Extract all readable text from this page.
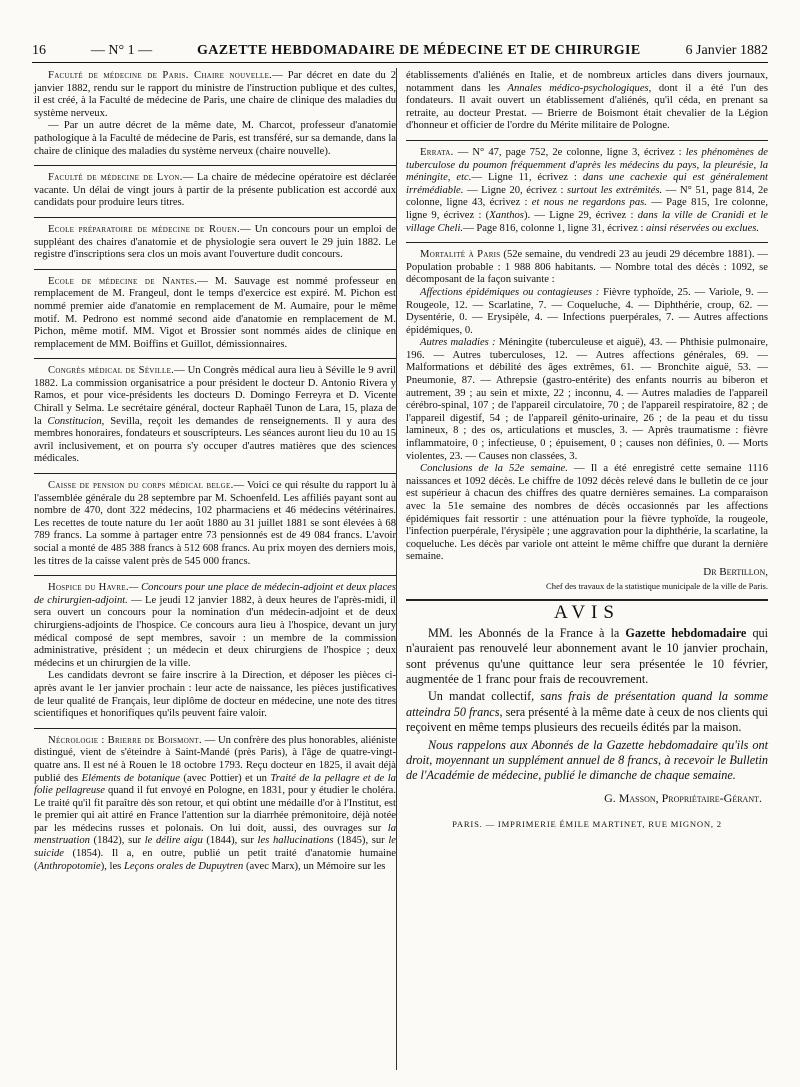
16	— N° 1 —	GAZETTE HEBDOMADAIRE DE MÉDECINE ET DE CHIRURGIE	6 Janvier 1882

Faculté de médecine de Paris. Chaire nouvelle.— Par décret en date du 2 janvier 1882, rendu sur le rapport du ministre de l'instruction publique et des cultes, il est créé, à la Faculté de médecine de Paris, une chaire de clinique des maladies du système nerveux.

— Par un autre décret de la même date, M. Charcot, professeur d'anatomie pathologique à la Faculté de médecine de Paris, est transféré, sur sa demande, dans la chaire de clinique des maladies du système nerveux (chaire nouvelle).

Faculté de médecine de Lyon.— La chaire de médecine opératoire est déclarée vacante. Un délai de vingt jours à partir de la présente publication est accordé aux candidats pour produire leurs titres.

Ecole préparatoire de médecine de Rouen.— Un concours pour un emploi de suppléant des chaires d'anatomie et de physiologie sera ouvert le 29 juin 1882. Le registre d'inscriptions sera clos un mois avant l'ouverture dudit concours.

Ecole de médecine de Nantes.— M. Sauvage est nommé professeur en remplacement de M. Frangeul, dont le temps d'exercice est expiré. M. Pichon est nommé premier aide d'anatomie en remplacement de M. Aumaire, pour le même motif. M. Pedrono est nommé second aide d'anatomie en remplacement de M. Pichon, même motif. MM. Vigot et Brossier sont nommés aides de clinique en remplacement de MM. Boiffins et Guillot, démissionnaires.

Congrès médical de Séville.— Un Congrès médical aura lieu à Séville le 9 avril 1882. La commission organisatrice a pour président le docteur D. Antonio Rivera y Ramos, et pour vice-présidents les docteurs D. Domingo Ferreyra et D. Vicente Chirall y Selma. Le secrétaire général, docteur Raphaël Tunon de Lara, 15, plaza de la Constitucion, Sevilla, reçoit les demandes de renseignements. Il y aura des membres honoraires, fondateurs et souscripteurs. Les séances auront lieu du 10 au 15 avril inclusivement, et on pourra s'y occuper d'autres matières que des sciences médicales.

Caisse de pension du corps médical belge.— Voici ce qui résulte du rapport lu à l'assemblée générale du 28 septembre par M. Schoenfeld. Les affiliés payant sont au nombre de 470, dont 322 médecins, 102 pharmaciens et 46 médecins vétérinaires. Les recettes de toute nature du 1er août 1880 au 31 juillet 1881 se sont élevées à 68 789 francs. La somme à partager entre 73 pensionnés est de 49 084 francs. L'avoir social a monté de 485 388 francs à 512 608 francs. Au prix moyen des derniers mois, les titres de la caisse valent près de 545 000 francs.

Hospice du Havre.— Concours pour une place de médecin-adjoint et deux places de chirurgien-adjoint. — Le jeudi 12 janvier 1882, à deux heures de l'après-midi, il sera ouvert un concours pour la nomination d'un médecin-adjoint et de deux chirurgiens-adjoints de l'hospice. Ce concours aura lieu à l'hospice, devant un jury médical composé de sept membres, savoir : un membre de la commission administrative, président ; un médecin et deux chirurgiens de l'hospice ; deux médecins et un chirurgien de la ville.

Les candidats devront se faire inscrire à la Direction, et déposer les pièces ci-après avant le 1er janvier prochain : leur acte de naissance, les pièces justificatives de leur qualité de Français, leur diplôme de docteur en médecine, une note des titres scientifiques et honorifiques qu'ils peuvent faire valoir.

Nécrologie : Brierre de Boismont. — Un confrère des plus honorables, aliéniste distingué, vient de s'éteindre à Saint-Mandé (près Paris), à l'âge de quatre-vingt-quatre ans. Il est né à Rouen le 18 octobre 1793. Reçu docteur en 1825, il avait déjà publié des Eléments de botanique (avec Pottier) et un Traité de la pellagre et de la folie pellagreuse quand il fut envoyé en Pologne, en 1831, pour y étudier le choléra. Le traité qu'il fit paraître dès son retour, et qui obtint une médaille d'or à l'Institut, est le premier qui ait attiré en France l'attention sur la diarrhée prémonitoire, déjà notée par les médecins russes et polonais. On lui doit, aussi, des ouvrages sur la menstruation (1842), sur le délire aigu (1844), sur les hallucinations (1845), sur le suicide (1854). Il a, en outre, publié un petit traité d'anatomie humaine (Anthropotomie), les Leçons orales de Dupuytren (avec Marx), un Mémoire sur les

établissements d'aliénés en Italie, et de nombreux articles dans divers journaux, notamment dans les Annales médico-psychologiques, dont il a été l'un des fondateurs. Il avait ouvert un établissement d'aliénés, qu'il céda, en prenant sa retraite, au docteur Prestat. — Brierre de Boismont était chevalier de la Légion d'honneur et officier de l'ordre du Mérite militaire de Pologne.

Errata. — N° 47, page 752, 2e colonne, ligne 3, écrivez : les phénomènes de tuberculose du poumon fréquemment d'après les médecins du pays, la pleurésie, la méningite, etc.— Ligne 11, écrivez : dans une cachexie qui est généralement irrémédiable. — Ligne 20, écrivez : surtout les extrémités. — N° 51, page 814, 2e colonne, ligne 43, écrivez : et nous ne regardons pas. — Page 815, 1re colonne, ligne 9, écrivez : (Xanthos). — Ligne 29, écrivez : dans la ville de Cranidi et le village Cheli.— Page 816, colonne 1, ligne 31, écrivez : ainsi réservées ou exclues.

Mortalité à Paris (52e semaine, du vendredi 23 au jeudi 29 décembre 1881). — Population probable : 1 988 806 habitants. — Nombre total des décès : 1092, se décomposant de la façon suivante :

Affections épidémiques ou contagieuses : Fièvre typhoïde, 25. — Variole, 9. — Rougeole, 12. — Scarlatine, 7. — Coqueluche, 4. — Diphthérie, croup, 62. — Dysentérie, 0. — Erysipèle, 4. — Infections puerpérales, 7. — Autres affections épidémiques, 0.

Autres maladies : Méningite (tuberculeuse et aiguë), 43. — Phthisie pulmonaire, 196. — Autres tuberculoses, 12. — Autres affections générales, 69. — Malformations et débilité des âges extrêmes, 61. — Bronchite aiguë, 53. — Pneumonie, 87. — Athrepsie (gastro-entérite) des enfants nourris au biberon et autrement, 39 ; au sein et mixte, 22 ; inconnu, 4. — Autres maladies de l'appareil cérébro-spinal, 107 ; de l'appareil circulatoire, 70 ; de l'appareil respiratoire, 82 ; de l'appareil digestif, 54 ; de l'appareil génito-urinaire, 26 ; de la peau et du tissu lamineux, 8 ; des os, articulations et muscles, 3. — Après traumatisme : fièvre inflammatoire, 0 ; infectieuse, 0 ; épuisement, 0 ; causes non définies, 0. — Morts violentes, 23. — Causes non classées, 3.

Conclusions de la 52e semaine. — Il a été enregistré cette semaine 1116 naissances et 1092 décès. Le chiffre de 1092 décès relevé dans le bulletin de ce jour est supérieur à chacun des chiffres des quatre dernières semaines. La comparaison avec la 51e semaine des nombres de décès occasionnés par les affections épidémiques fait ressortir : une atténuation pour la fièvre typhoïde, la rougeole, l'infection puerpérale, l'érysipèle ; une aggravation pour la diphthérie, la scarlatine, la coqueluche. Les décès par variole ont atteint le même chiffre que durant la dernière semaine.

Dr Bertillon,
Chef des travaux de la statistique municipale de la ville de Paris.
AVIS

MM. les Abonnés de la France à la Gazette hebdomadaire qui n'auraient pas renouvelé leur abonnement avant le 10 janvier prochain, sont prévenus qu'une quittance leur sera présentée le 10 février, augmentée de 1 franc pour frais de recouvrement.

Un mandat collectif, sans frais de présentation quand la somme atteindra 50 francs, sera présenté à la même date à ceux de nos clients qui reçoivent en même temps plusieurs des recueils édités par la maison.

Nous rappelons aux Abonnés de la Gazette hebdomadaire qu'ils ont droit, moyennant un supplément annuel de 8 francs, à recevoir le Bulletin de l'Académie de médecine, publié le dimanche de chaque semaine.

G. Masson, Propriétaire-Gérant.
PARIS. — IMPRIMERIE ÉMILE MARTINET, RUE MIGNON, 2
